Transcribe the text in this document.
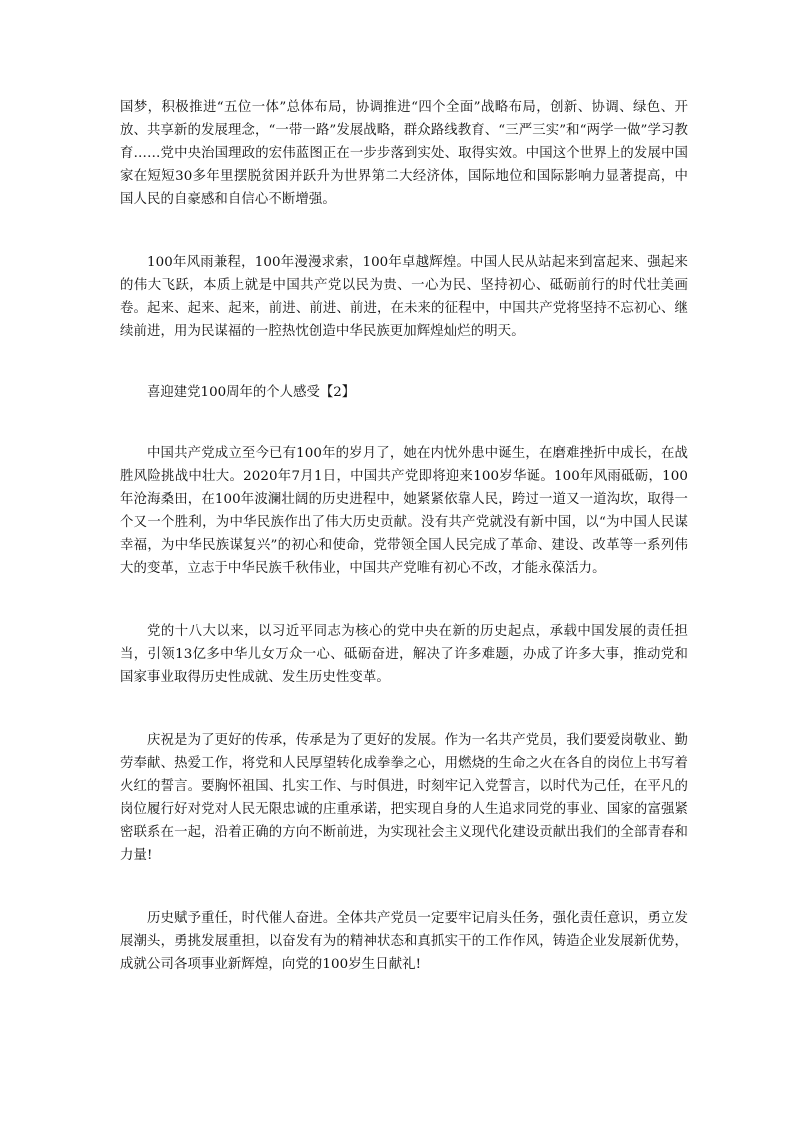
国梦，积极推进“五位一体”总体布局，协调推进“四个全面”战略布局，创新、协调、绿色、开放、共享新的发展理念，“一带一路”发展战略，群众路线教育、“三严三实”和“两学一做”学习教育……党中央治国理政的宏伟蓝图正在一步步落到实处、取得实效。中国这个世界上的发展中国家在短短30多年里摆脱贫困并跃升为世界第二大经济体，国际地位和国际影响力显著提高，中国人民的自豪感和自信心不断增强。

100年风雨兼程，100年漫漫求索，100年卓越辉煌。中国人民从站起来到富起来、强起来的伟大飞跃，本质上就是中国共产党以民为贵、一心为民、坚持初心、砥砺前行的时代壮美画卷。起来、起来、起来，前进、前进、前进，在未来的征程中，中国共产党将坚持不忘初心、继续前进，用为民谋福的一腔热忱创造中华民族更加辉煌灿烂的明天。

喜迎建党100周年的个人感受【2】

中国共产党成立至今已有100年的岁月了，她在内忧外患中诞生，在磨难挫折中成长，在战胜风险挑战中壮大。2020年7月1日，中国共产党即将迎来100岁华诞。100年风雨砥砺，100年沧海桑田，在100年波澜壮阔的历史进程中，她紧紧依靠人民，跨过一道又一道沟坎，取得一个又一个胜利，为中华民族作出了伟大历史贡献。没有共产党就没有新中国，以“为中国人民谋幸福，为中华民族谋复兴”的初心和使命，党带领全国人民完成了革命、建设、改革等一系列伟大的变革，立志于中华民族千秋伟业，中国共产党唯有初心不改，才能永葆活力。

党的十八大以来，以习近平同志为核心的党中央在新的历史起点，承载中国发展的责任担当，引领13亿多中华儿女万众一心、砥砺奋进，解决了许多难题，办成了许多大事，推动党和国家事业取得历史性成就、发生历史性变革。

庆祝是为了更好的传承，传承是为了更好的发展。作为一名共产党员，我们要爱岗敬业、勤劳奉献、热爱工作，将党和人民厚望转化成拳拳之心，用燃烧的生命之火在各自的岗位上书写着火红的誓言。要胸怀祖国、扎实工作、与时俱进，时刻牢记入党誓言，以时代为己任，在平凡的岗位履行好对党对人民无限忠诚的庄重承诺，把实现自身的人生追求同党的事业、国家的富强紧密联系在一起，沿着正确的方向不断前进，为实现社会主义现代化建设贡献出我们的全部青春和力量!

历史赋予重任，时代催人奋进。全体共产党员一定要牢记肩头任务，强化责任意识，勇立发展潮头，勇挑发展重担，以奋发有为的精神状态和真抓实干的工作作风，铸造企业发展新优势，成就公司各项事业新辉煌，向党的100岁生日献礼!
